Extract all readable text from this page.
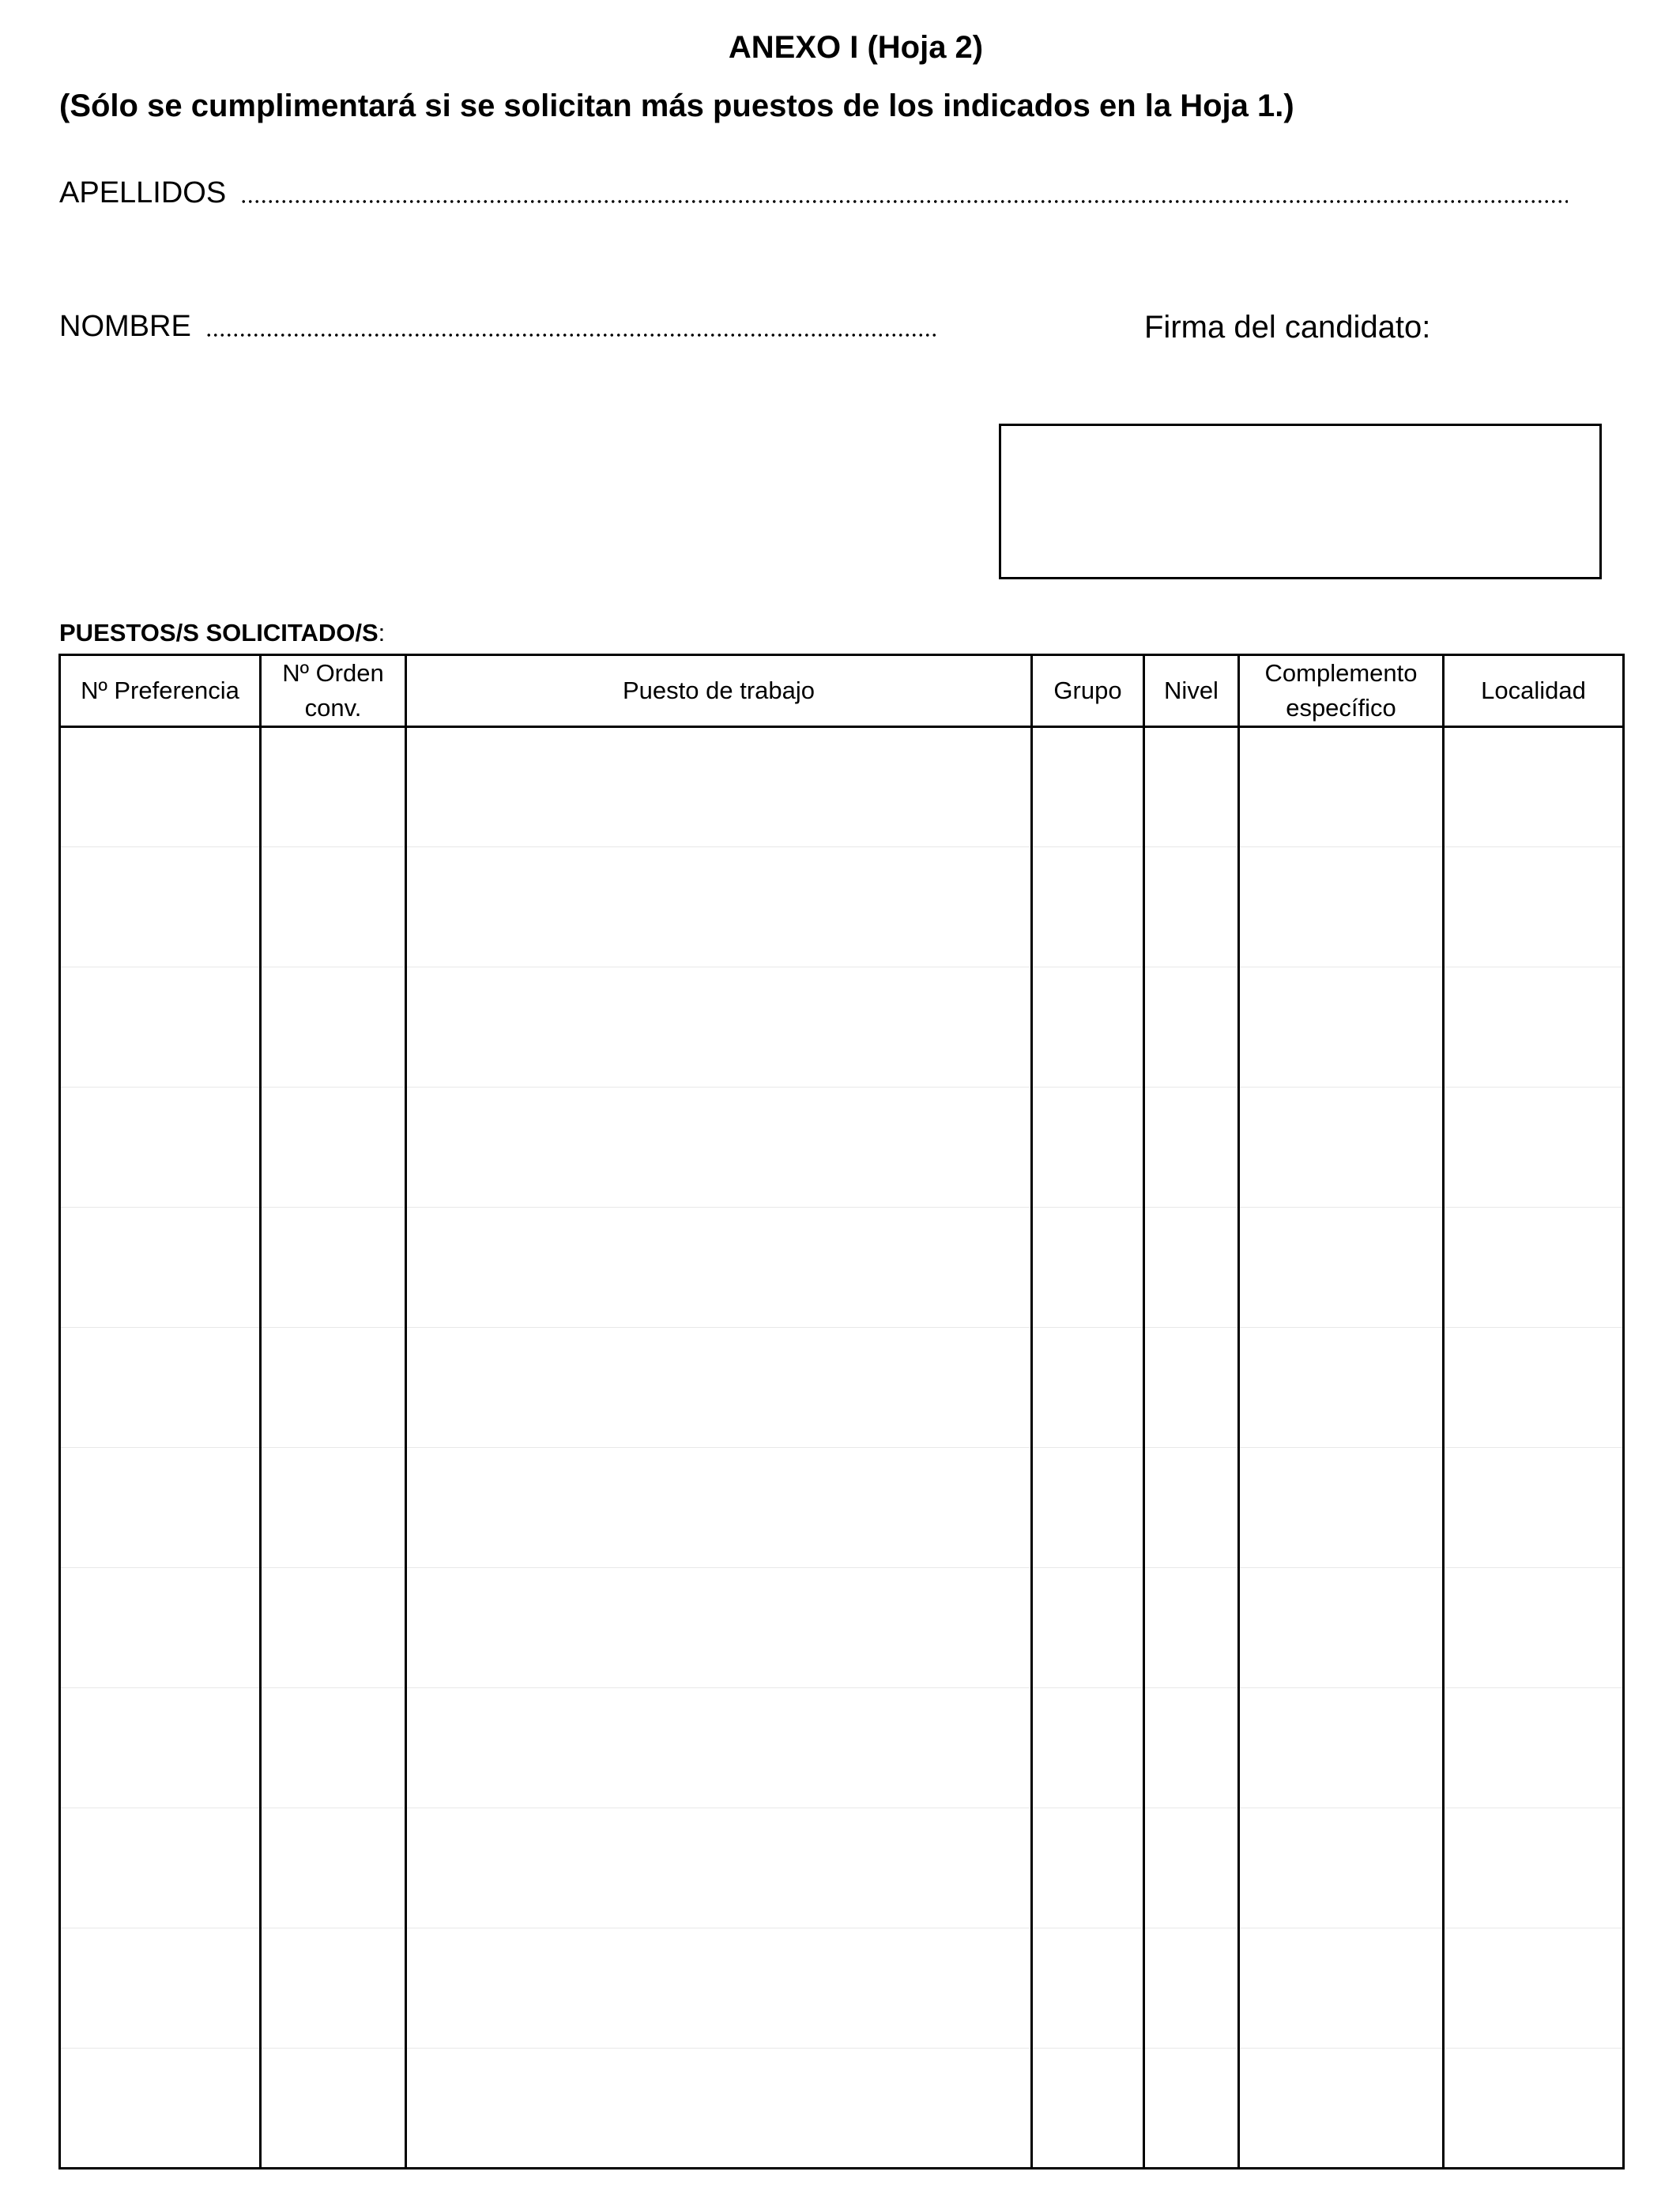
ANEXO I (Hoja 2)
(Sólo se cumplimentará si se solicitan más puestos de los indicados en la Hoja 1.)
APELLIDOS
NOMBRE	Firma del candidato:
PUESTOS/S SOLICITADO/S:
Nº Preferencia	Nº Orden conv.	Puesto de trabajo	Grupo	Nivel	Complemento específico	Localidad
